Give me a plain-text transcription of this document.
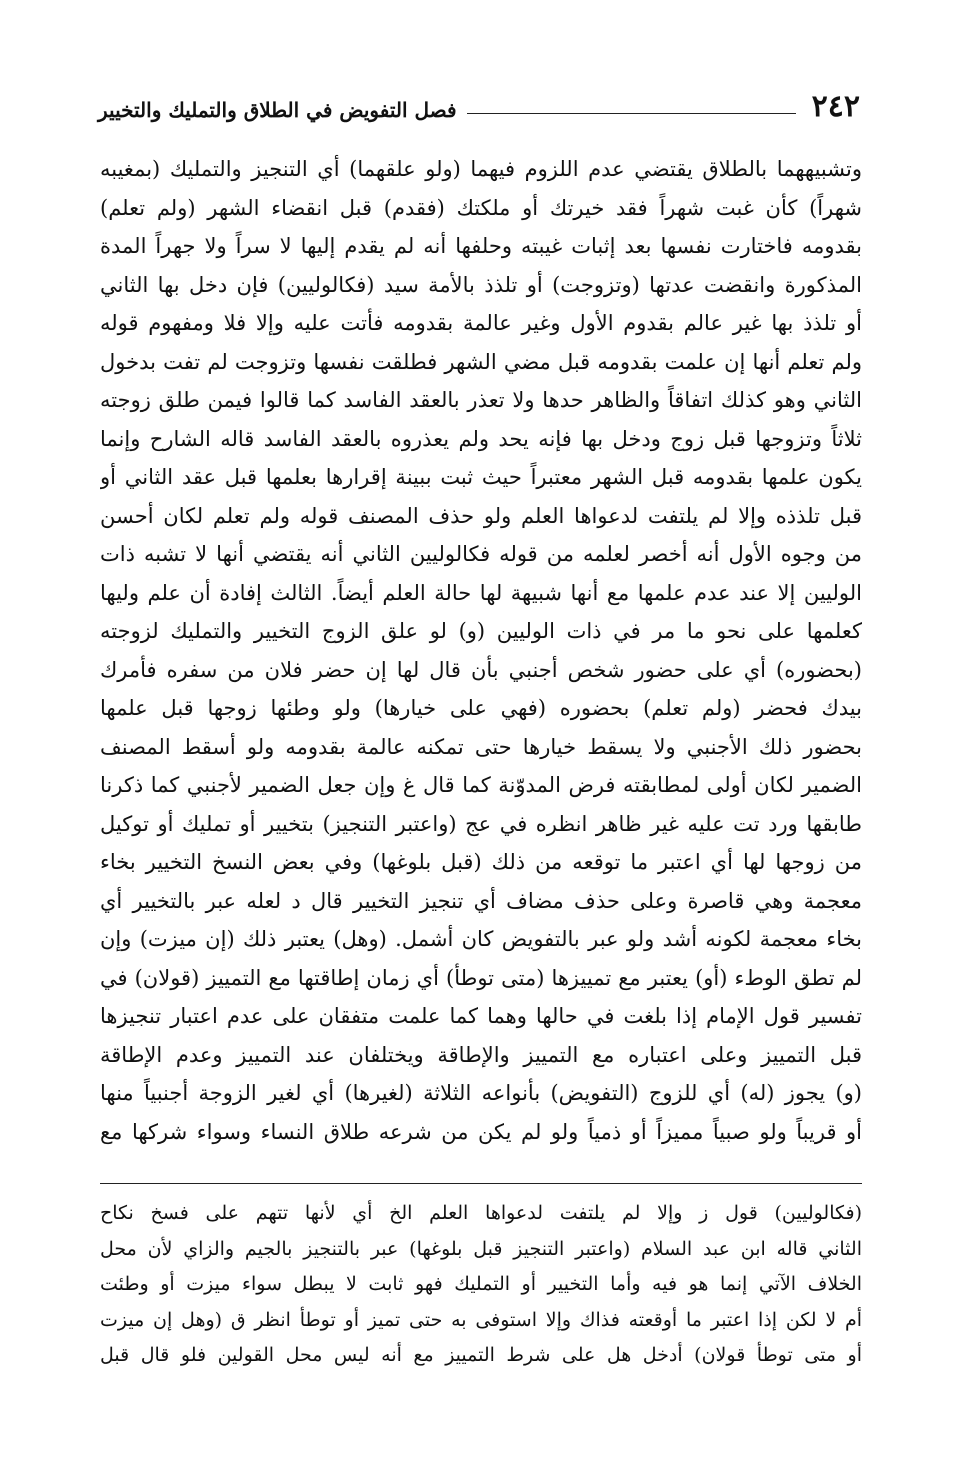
٢٤٢
فصل التفويض في الطلاق والتمليك والتخيير
وتشبيههما بالطلاق يقتضي عدم اللزوم فيهما (ولو علقهما) أي التنجيز والتمليك (بمغيبه
شهراً) كأن غبت شهراً فقد خيرتك أو ملكتك (فقدم) قبل انقضاء الشهر (ولم تعلم)
بقدومه فاختارت نفسها بعد إثبات غيبته وحلفها أنه لم يقدم إليها لا سراً ولا جهراً المدة
المذكورة وانقضت عدتها (وتزوجت) أو تلذذ بالأمة سيد (فكالوليين) فإن دخل بها الثاني
أو تلذذ بها غير عالم بقدوم الأول وغير عالمة بقدومه فأتت عليه وإلا فلا ومفهوم قوله
ولم تعلم أنها إن علمت بقدومه قبل مضي الشهر فطلقت نفسها وتزوجت لم تفت بدخول
الثاني وهو كذلك اتفاقاً والظاهر حدها ولا تعذر بالعقد الفاسد كما قالوا فيمن طلق زوجته
ثلاثاً وتزوجها قبل زوج ودخل بها فإنه يحد ولم يعذروه بالعقد الفاسد قاله الشارح وإنما
يكون علمها بقدومه قبل الشهر معتبراً حيث ثبت ببينة إقرارها بعلمها قبل عقد الثاني أو
قبل تلذذه وإلا لم يلتفت لدعواها العلم ولو حذف المصنف قوله ولم تعلم لكان أحسن
من وجوه الأول أنه أخصر لعلمه من قوله فكالوليين الثاني أنه يقتضي أنها لا تشبه ذات
الوليين إلا عند عدم علمها مع أنها شبيهة لها حالة العلم أيضاً. الثالث إفادة أن علم وليها
كعلمها على نحو ما مر في ذات الوليين (و) لو علق الزوج التخيير والتمليك لزوجته
(بحضوره) أي على حضور شخص أجنبي بأن قال لها إن حضر فلان من سفره فأمرك
بيدك فحضر (ولم تعلم) بحضوره (فهي على خيارها) ولو وطئها زوجها قبل علمها
بحضور ذلك الأجنبي ولا يسقط خيارها حتى تمكنه عالمة بقدومه ولو أسقط المصنف
الضمير لكان أولى لمطابقته فرض المدوّنة كما قال غ وإن جعل الضمير لأجنبي كما ذكرنا
طابقها ورد تت عليه غير ظاهر انظره في عج (واعتبر التنجيز) بتخيير أو تمليك أو توكيل
من زوجها لها أي اعتبر ما توقعه من ذلك (قبل بلوغها) وفي بعض النسخ التخيير بخاء
معجمة وهي قاصرة وعلى حذف مضاف أي تنجيز التخيير قال د لعله عبر بالتخيير أي
بخاء معجمة لكونه أشد ولو عبر بالتفويض كان أشمل. (وهل) يعتبر ذلك (إن ميزت) وإن
لم تطق الوطء (أو) يعتبر مع تمييزها (متى توطأ) أي زمان إطاقتها مع التمييز (قولان) في
تفسير قول الإمام إذا بلغت في حالها وهما كما علمت متفقان على عدم اعتبار تنجيزها
قبل التمييز وعلى اعتباره مع التمييز والإطاقة ويختلفان عند التمييز وعدم الإطاقة
(و) يجوز (له) أي للزوج (التفويض) بأنواعه الثلاثة (لغيرها) أي لغير الزوجة أجنبياً منها
أو قريباً ولو صبياً مميزاً أو ذمياً ولو لم يكن من شرعه طلاق النساء وسواء شركها مع
(فكالوليين) قول ز وإلا لم يلتفت لدعواها العلم الخ أي لأنها تتهم على فسخ نكاح
الثاني قاله ابن عبد السلام (واعتبر التنجيز قبل بلوغها) عبر بالتنجيز بالجيم والزاي لأن محل
الخلاف الآتي إنما هو فيه وأما التخيير أو التمليك فهو ثابت لا يبطل سواء ميزت أو وطئت
أم لا لكن إذا اعتبر ما أوقعته فذاك وإلا استوفى به حتى تميز أو توطأ انظر ق (وهل إن ميزت
أو متى توطأ قولان) أدخل هل على شرط التمييز مع أنه ليس محل القولين فلو قال قبل
